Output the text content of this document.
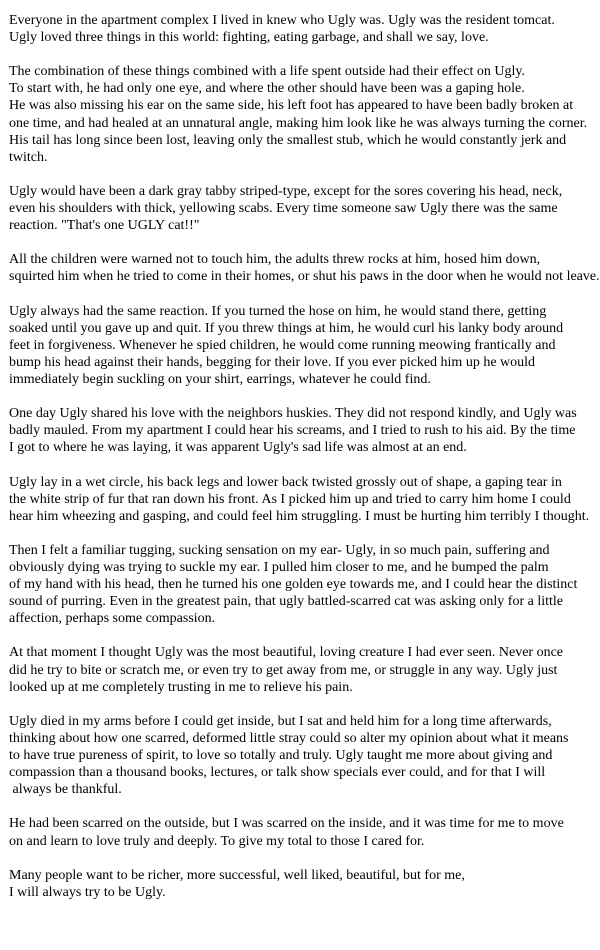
Everyone in the apartment complex I lived in knew who Ugly was. Ugly was the resident tomcat.
Ugly loved three things in this world: fighting, eating garbage, and shall we say, love.
The combination of these things combined with a life spent outside had their effect on Ugly.
To start with, he had only one eye, and where the other should have been was a gaping hole.
He was also missing his ear on the same side, his left foot has appeared to have been badly broken at
one time, and had healed at an unnatural angle, making him look like he was always turning the corner.
His tail has long since been lost, leaving only the smallest stub, which he would constantly jerk and
twitch.
Ugly would have been a dark gray tabby striped-type, except for the sores covering his head, neck,
even his shoulders with thick, yellowing scabs. Every time someone saw Ugly there was the same
reaction. "That's one UGLY cat!!"
All the children were warned not to touch him, the adults threw rocks at him, hosed him down,
squirted him when he tried to come in their homes, or shut his paws in the door when he would not leave.
Ugly always had the same reaction. If you turned the hose on him, he would stand there, getting
soaked until you gave up and quit. If you threw things at him, he would curl his lanky body around
feet in forgiveness. Whenever he spied children, he would come running meowing frantically and
bump his head against their hands, begging for their love. If you ever picked him up he would
immediately begin suckling on your shirt, earrings, whatever he could find.
One day Ugly shared his love with the neighbors huskies. They did not respond kindly, and Ugly was
badly mauled. From my apartment I could hear his screams, and I tried to rush to his aid. By the time
I got to where he was laying, it was apparent Ugly's sad life was almost at an end.
Ugly lay in a wet circle, his back legs and lower back twisted grossly out of shape, a gaping tear in
the white strip of fur that ran down his front. As I picked him up and tried to carry him home I could
hear him wheezing and gasping, and could feel him struggling. I must be hurting him terribly I thought.
Then I felt a familiar tugging, sucking sensation on my ear- Ugly, in so much pain, suffering and
obviously dying was trying to suckle my ear. I pulled him closer to me, and he bumped the palm
of my hand with his head, then he turned his one golden eye towards me, and I could hear the distinct
sound of purring. Even in the greatest pain, that ugly battled-scarred cat was asking only for a little
affection, perhaps some compassion.
At that moment I thought Ugly was the most beautiful, loving creature I had ever seen. Never once
did he try to bite or scratch me, or even try to get away from me, or struggle in any way. Ugly just
looked up at me completely trusting in me to relieve his pain.
Ugly died in my arms before I could get inside, but I sat and held him for a long time afterwards,
thinking about how one scarred, deformed little stray could so alter my opinion about what it means
to have true pureness of spirit, to love so totally and truly. Ugly taught me more about giving and
compassion than a thousand books, lectures, or talk show specials ever could, and for that I will
always be thankful.
He had been scarred on the outside, but I was scarred on the inside, and it was time for me to move
on and learn to love truly and deeply. To give my total to those I cared for.
Many people want to be richer, more successful, well liked, beautiful, but for me,
I will always try to be Ugly.
